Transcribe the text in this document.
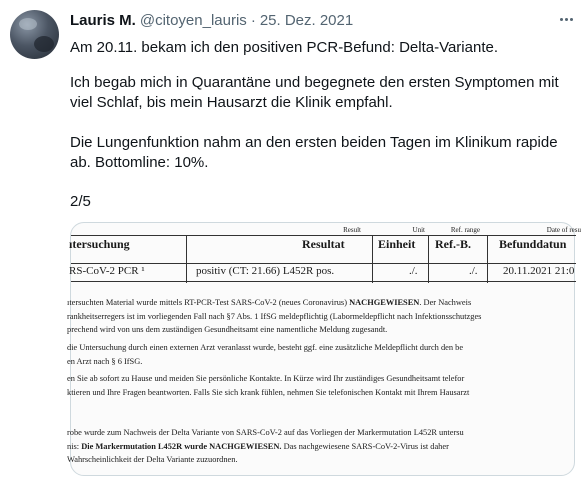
Lauris M. @citoyen_lauris · 25. Dez. 2021
Am 20.11. bekam ich den positiven PCR-Befund: Delta-Variante.
Ich begab mich in Quarantäne und begegnete den ersten Symptomen mit viel Schlaf, bis mein Hausarzt die Klinik empfahl.
Die Lungenfunktion nahm an den ersten beiden Tagen im Klinikum rapide ab. Bottomline: 10%.
2/5
Result	Unit	Ref. range	Date of resu
ıtersuchung	Resultat	Einheit Ref.-B. Befunddatun
RS-CoV-2 PCR ¹	positiv (CT: 21.66) L452R pos.	./.	./. 20.11.2021 21:0
ıtersuchten Material wurde mittels RT-PCR-Test SARS-CoV-2 (neues Coronavirus) NACHGEWIESEN. Der Nachweis
rankheitserregers ist im vorliegenden Fall nach §7 Abs. 1 IfSG meldepflichtig (Labormeldepflicht nach Infektionsschutzges
prechend wird von uns dem zuständigen Gesundheitsamt eine namentliche Meldung zugesandt.
die Untersuchung durch einen externen Arzt veranlasst wurde, besteht ggf. eine zusätzliche Meldepflicht durch den be
en Arzt nach § 6 IfSG.
en Sie ab sofort zu Hause und meiden Sie persönliche Kontakte. In Kürze wird Ihr zuständiges Gesundheitsamt telefor
ktieren und Ihre Fragen beantworten. Falls Sie sich krank fühlen, nehmen Sie telefonischen Kontakt mit Ihrem Hausarzt
robe wurde zum Nachweis der Delta Variante von SARS-CoV-2 auf das Vorliegen der Markermutation L452R untersu
nis: Die Markermutation L452R wurde NACHGEWIESEN. Das nachgewiesene SARS-CoV-2-Virus ist daher
Wahrscheinlichkeit der Delta Variante zuzuordnen.
